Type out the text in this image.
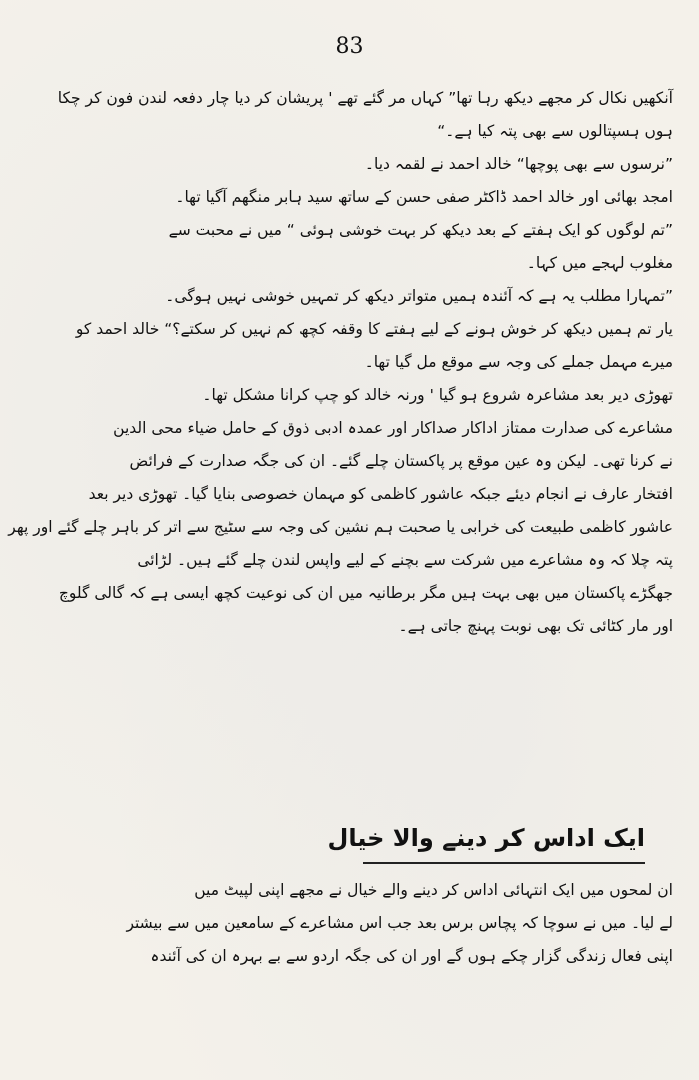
83
آنکھیں نکال کر مجھے دیکھ رہا تھا” کہاں مر گئے تھے ' پریشان کر دیا چار دفعہ لندن فون کر چکا
ہوں ہسپتالوں سے بھی پتہ کیا ہے۔“
”نرسوں سے بھی پوچھا“ خالد احمد نے لقمہ دیا۔
امجد بھائی اور خالد احمد ڈاکٹر صفی حسن کے ساتھ سید ہابر منگھم آگیا تھا۔
”تم لوگوں کو ایک ہفتے کے بعد دیکھ کر بہت خوشی ہوئی “ میں نے محبت سے
مغلوب لہجے میں کہا۔
”تمہارا مطلب یہ ہے کہ آئندہ ہمیں متواتر دیکھ کر تمہیں خوشی نہیں ہوگی۔
یار تم ہمیں دیکھ کر خوش ہونے کے لیے ہفتے کا وقفہ کچھ کم نہیں کر سکتے؟“ خالد احمد کو
میرے مہمل جملے کی وجہ سے موقع مل گیا تھا۔
تھوڑی دیر بعد مشاعرہ شروع ہو گیا ' ورنہ خالد کو چپ کرانا مشکل تھا۔
مشاعرے کی صدارت ممتاز اداکار صداکار اور عمدہ ادبی ذوق کے حامل ضیاء محی الدین
نے کرنا تھی۔ لیکن وہ عین موقع پر پاکستان چلے گئے۔ ان کی جگہ صدارت کے فرائض
افتخار عارف نے انجام دیئے جبکہ عاشور کاظمی کو مہمان خصوصی بنایا گیا۔ تھوڑی دیر بعد
عاشور کاظمی طبیعت کی خرابی یا صحبت ہم نشین کی وجہ سے سٹیج سے اتر کر باہر چلے گئے اور پھر
پتہ چلا کہ وہ مشاعرے میں شرکت سے بچنے کے لیے واپس لندن چلے گئے ہیں۔ لڑائی
جھگڑے پاکستان میں بھی بہت ہیں مگر برطانیہ میں ان کی نوعیت کچھ ایسی ہے کہ گالی گلوچ
اور مار کٹائی تک بھی نوبت پہنچ جاتی ہے۔
ایک اداس کر دینے والا خیال
ان لمحوں میں ایک انتہائی اداس کر دینے والے خیال نے مجھے اپنی لپیٹ میں
لے لیا۔ میں نے سوچا کہ پچاس برس بعد جب اس مشاعرے کے سامعین میں سے بیشتر
اپنی فعال زندگی گزار چکے ہوں گے اور ان کی جگہ اردو سے بے بہرہ ان کی آئندہ
